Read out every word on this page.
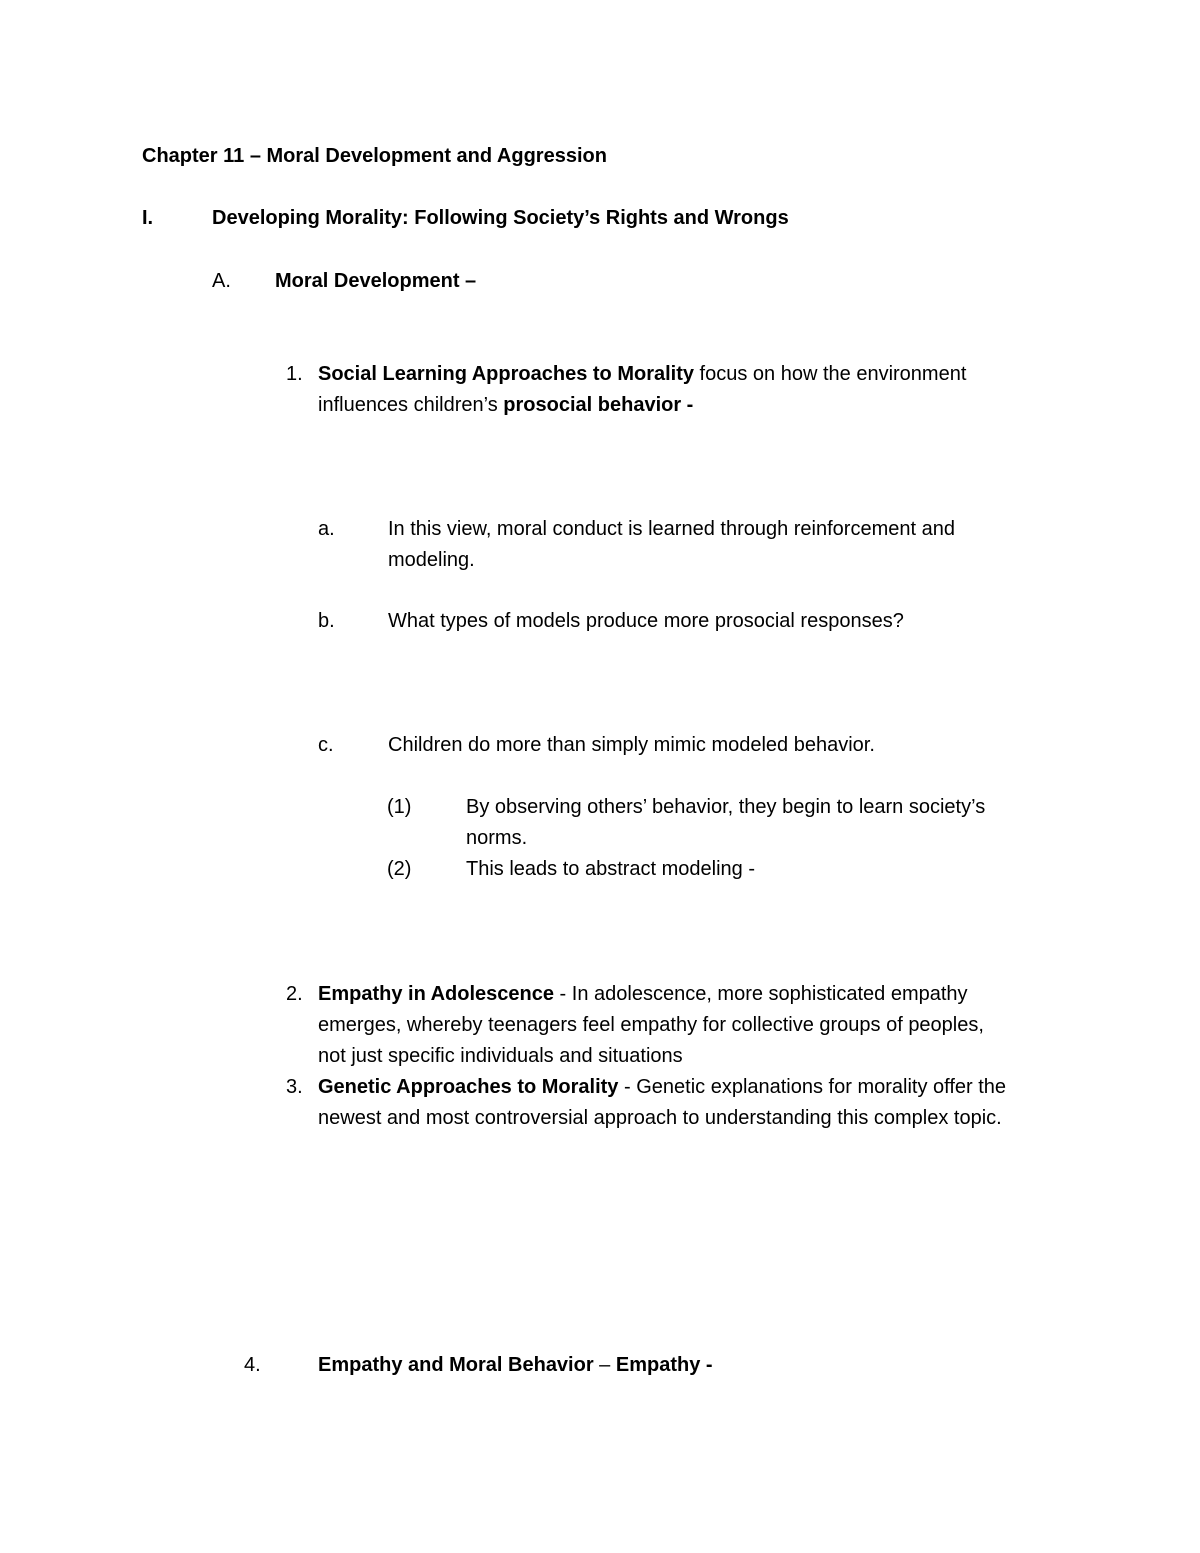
Chapter 11 – Moral Development and Aggression
I.	Developing Morality: Following Society’s Rights and Wrongs
A. Moral Development –
1. Social Learning Approaches to Morality focus on how the environment
influences children’s prosocial behavior -
a.	In this view, moral conduct is learned through reinforcement and
modeling.
b.	What types of models produce more prosocial responses?
c.	Children do more than simply mimic modeled behavior.
(1)	By observing others’ behavior, they begin to learn society’s
norms.
(2)	This leads to abstract modeling -
2. Empathy in Adolescence - In adolescence, more sophisticated empathy
emerges, whereby teenagers feel empathy for collective groups of peoples,
not just specific individuals and situations
3. Genetic Approaches to Morality - Genetic explanations for morality offer the
newest and most controversial approach to understanding this complex topic.
4.	Empathy and Moral Behavior – Empathy -
